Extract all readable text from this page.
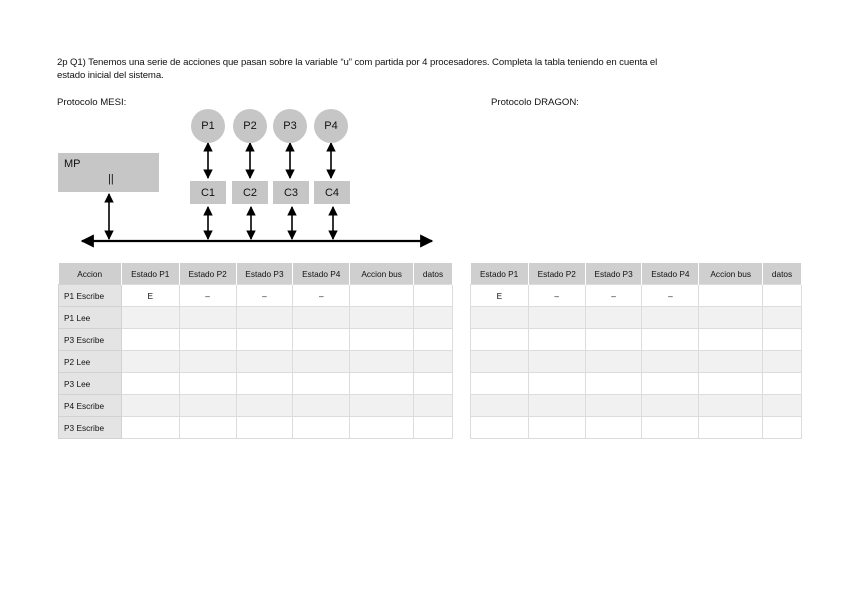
2p Q1) Tenemos una serie de acciones que pasan sobre la variable “u” com partida por 4 procesadores. Completa la tabla teniendo en cuenta el
estado inicial del sistema.
Protocolo MESI:	Protocolo DRAGON:
MP
||
P1	P2	P3	P4
C1	C2	C3	C4
Accion	Estado P1	Estado P2	Estado P3	Estado P4	Accion bus	datos
P1 Escribe	E	–	–	–		
P1 Lee						
P3 Escribe						
P2 Lee						
P3 Lee						
P4 Escribe						
P3 Escribe						
Estado P1	Estado P2	Estado P3	Estado P4	Accion bus	datos
E	–	–	–		
